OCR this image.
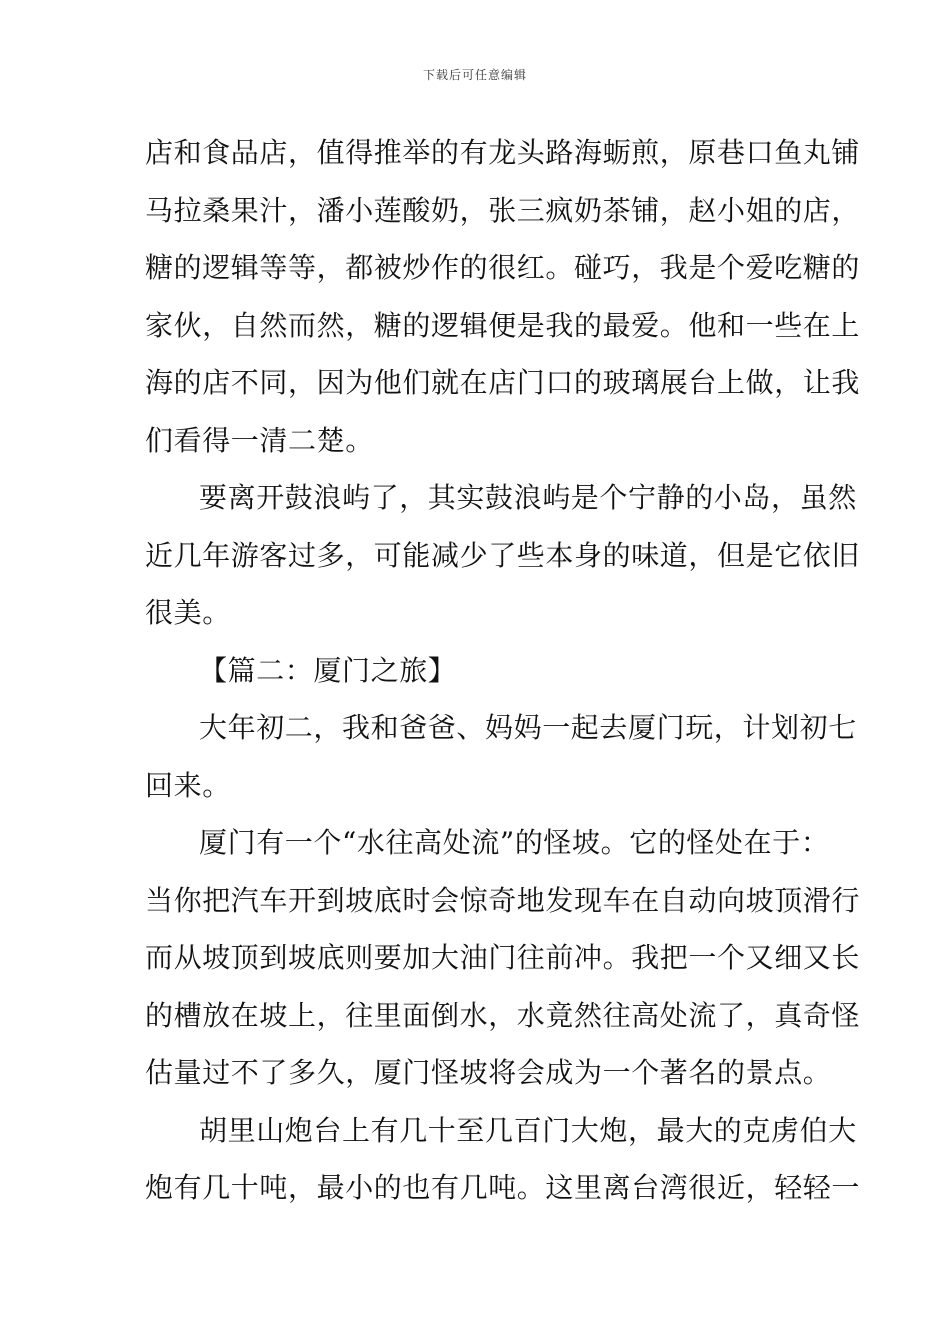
下载后可任意编辑
店和食品店，值得推举的有龙头路海蛎煎，原巷口鱼丸铺
马拉桑果汁，潘小莲酸奶，张三疯奶茶铺，赵小姐的店，
糖的逻辑等等，都被炒作的很红。碰巧，我是个爱吃糖的
家伙，自然而然，糖的逻辑便是我的最爱。他和一些在上
海的店不同，因为他们就在店门口的玻璃展台上做，让我
们看得一清二楚。
要离开鼓浪屿了，其实鼓浪屿是个宁静的小岛，虽然
近几年游客过多，可能减少了些本身的味道，但是它依旧
很美。
【篇二：厦门之旅】
大年初二，我和爸爸、妈妈一起去厦门玩，计划初七
回来。
厦门有一个“水往高处流”的怪坡。它的怪处在于：
当你把汽车开到坡底时会惊奇地发现车在自动向坡顶滑行
而从坡顶到坡底则要加大油门往前冲。我把一个又细又长
的槽放在坡上，往里面倒水，水竟然往高处流了，真奇怪
估量过不了多久，厦门怪坡将会成为一个著名的景点。
胡里山炮台上有几十至几百门大炮，最大的克虏伯大
炮有几十吨，最小的也有几吨。这里离台湾很近，轻轻一
